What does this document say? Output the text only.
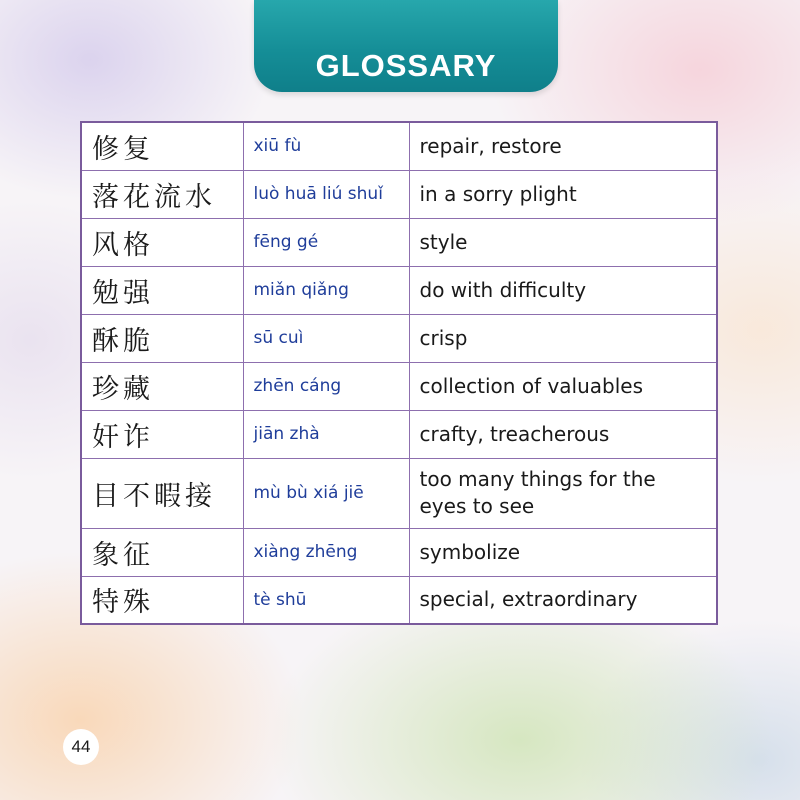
GLOSSARY
修复	xiū fù	repair, restore
落花流水	luò huā liú shuǐ	in a sorry plight
风格	fēng gé	style
勉强	miǎn qiǎng	do with difficulty
酥脆	sū cuì	crisp
珍藏	zhēn cáng	collection of valuables
奸诈	jiān zhà	crafty, treacherous
目不暇接	mù bù xiá jiē	too many things for the eyes to see
象征	xiàng zhēng	symbolize
特殊	tè shū	special, extraordinary
44
